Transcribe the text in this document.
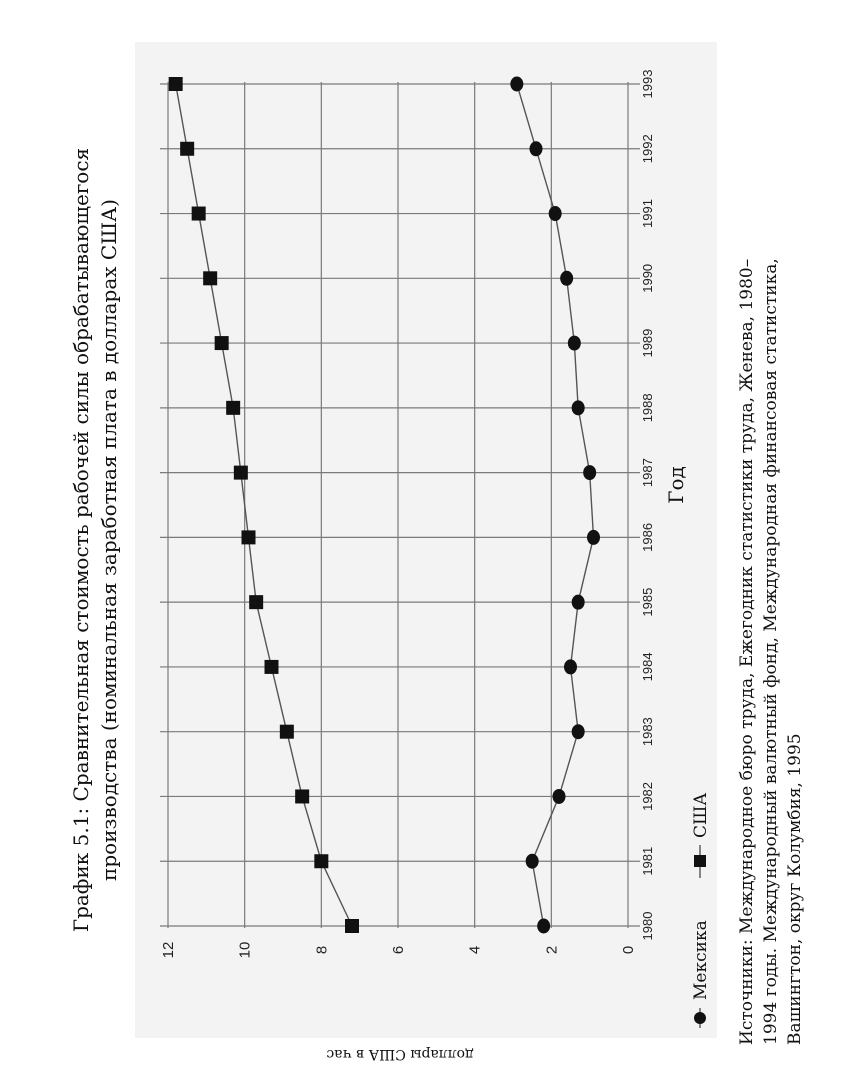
График 5.1: Сравнительная стоимость рабочей силы обрабатывающегося производства (номинальная заработная плата в долларах США)
0
2
4
6
8
10
12
1980
1981
1982
1983
1984
1985
1986
1987
1988
1989
1990
1991
1992
1993
Год
доллары США в час
Мексика
США Источники: Международное бюро труда, Ежегодник статистики труда, Женева, 1980– 1994 годы. Международный валютный фонд, Международная финансовая статистика, Вашингтон, округ Колумбия, 1995
